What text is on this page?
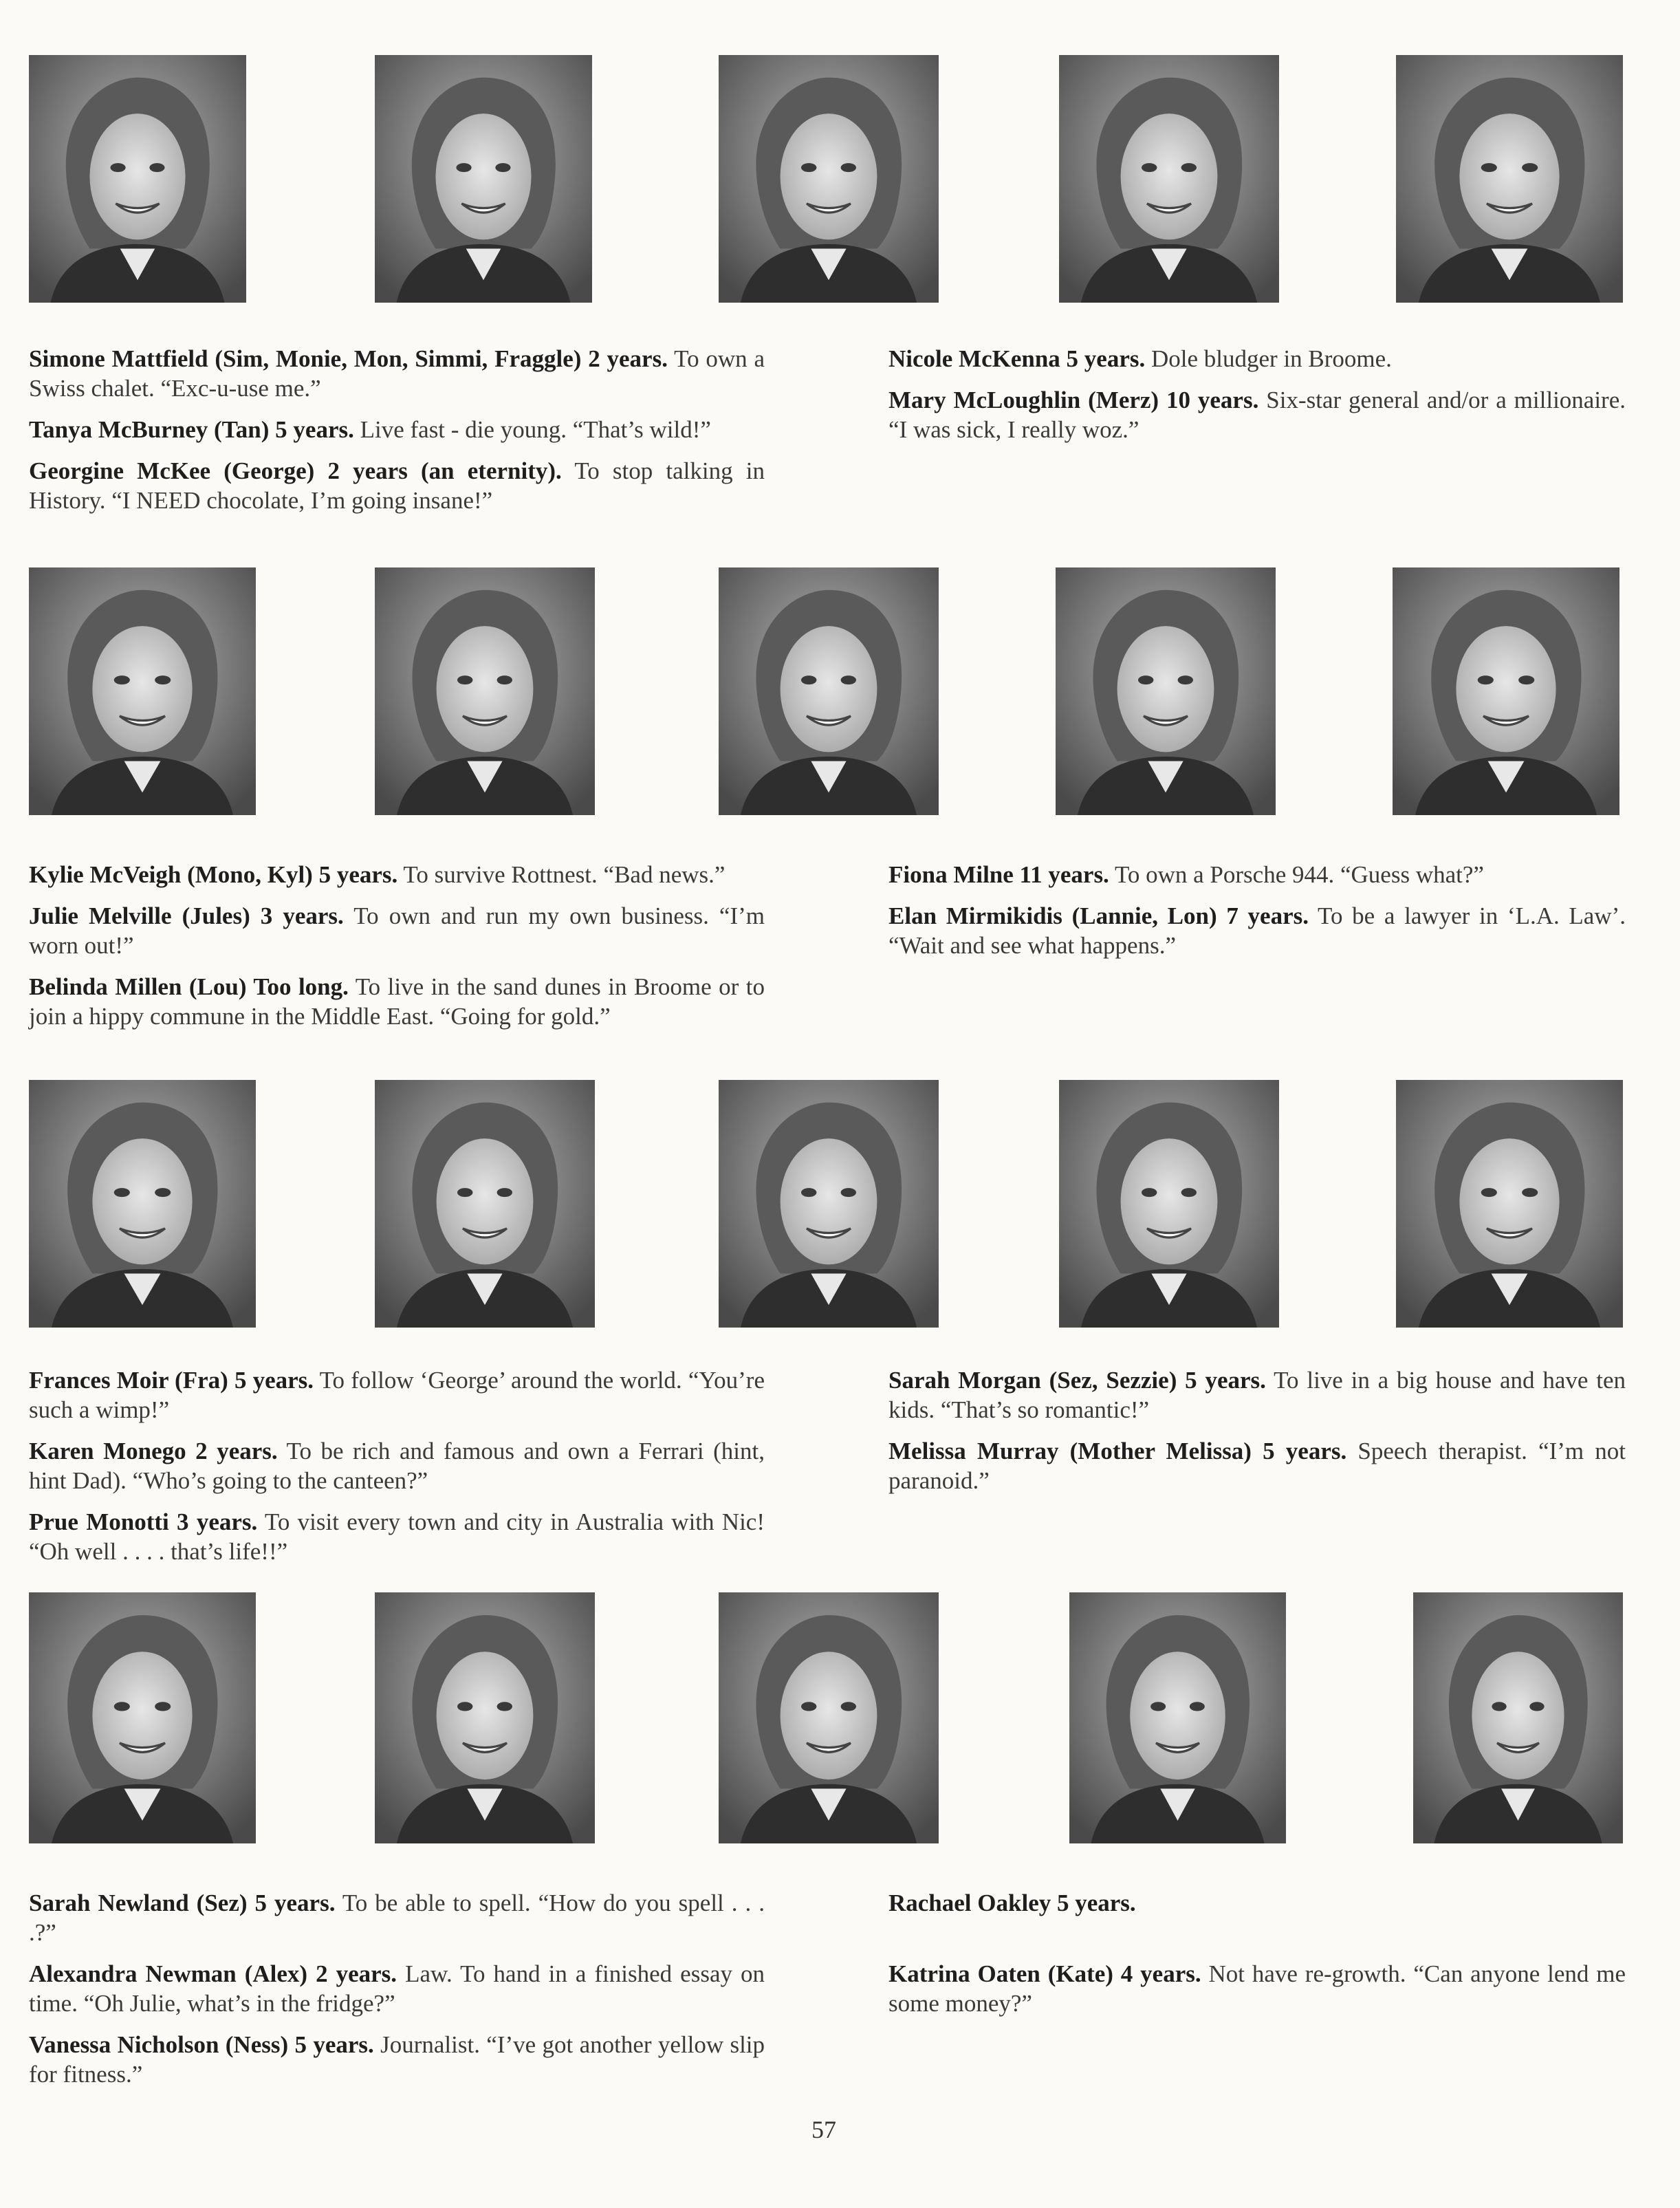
Simone Mattfield (Sim, Monie, Mon, Simmi, Fraggle) 2 years. To own a Swiss chalet. “Exc-u-use me.”

Tanya McBurney (Tan) 5 years. Live fast - die young. “That’s wild!”

Georgine McKee (George) 2 years (an eternity). To stop talking in History. “I NEED chocolate, I’m going insane!”

Nicole McKenna 5 years. Dole bludger in Broome.

Mary McLoughlin (Merz) 10 years. Six-star general and/or a millionaire. “I was sick, I really woz.”

Kylie McVeigh (Mono, Kyl) 5 years. To survive Rottnest. “Bad news.”

Julie Melville (Jules) 3 years. To own and run my own business. “I’m worn out!”

Belinda Millen (Lou) Too long. To live in the sand dunes in Broome or to join a hippy commune in the Middle East. “Going for gold.”

Fiona Milne 11 years. To own a Porsche 944. “Guess what?”

Elan Mirmikidis (Lannie, Lon) 7 years. To be a lawyer in ‘L.A. Law’. “Wait and see what happens.”

Frances Moir (Fra) 5 years. To follow ‘George’ around the world. “You’re such a wimp!”

Karen Monego 2 years. To be rich and famous and own a Ferrari (hint, hint Dad). “Who’s going to the canteen?”

Prue Monotti 3 years. To visit every town and city in Australia with Nic! “Oh well . . . . that’s life!!”

Sarah Morgan (Sez, Sezzie) 5 years. To live in a big house and have ten kids. “That’s so romantic!”

Melissa Murray (Mother Melissa) 5 years. Speech therapist. “I’m not paranoid.”

Sarah Newland (Sez) 5 years. To be able to spell. “How do you spell . . . .?”

Alexandra Newman (Alex) 2 years. Law. To hand in a finished essay on time. “Oh Julie, what’s in the fridge?”

Vanessa Nicholson (Ness) 5 years. Journalist. “I’ve got another yellow slip for fitness.”

Rachael Oakley 5 years.

Katrina Oaten (Kate) 4 years. Not have re-growth. “Can anyone lend me some money?”

57
